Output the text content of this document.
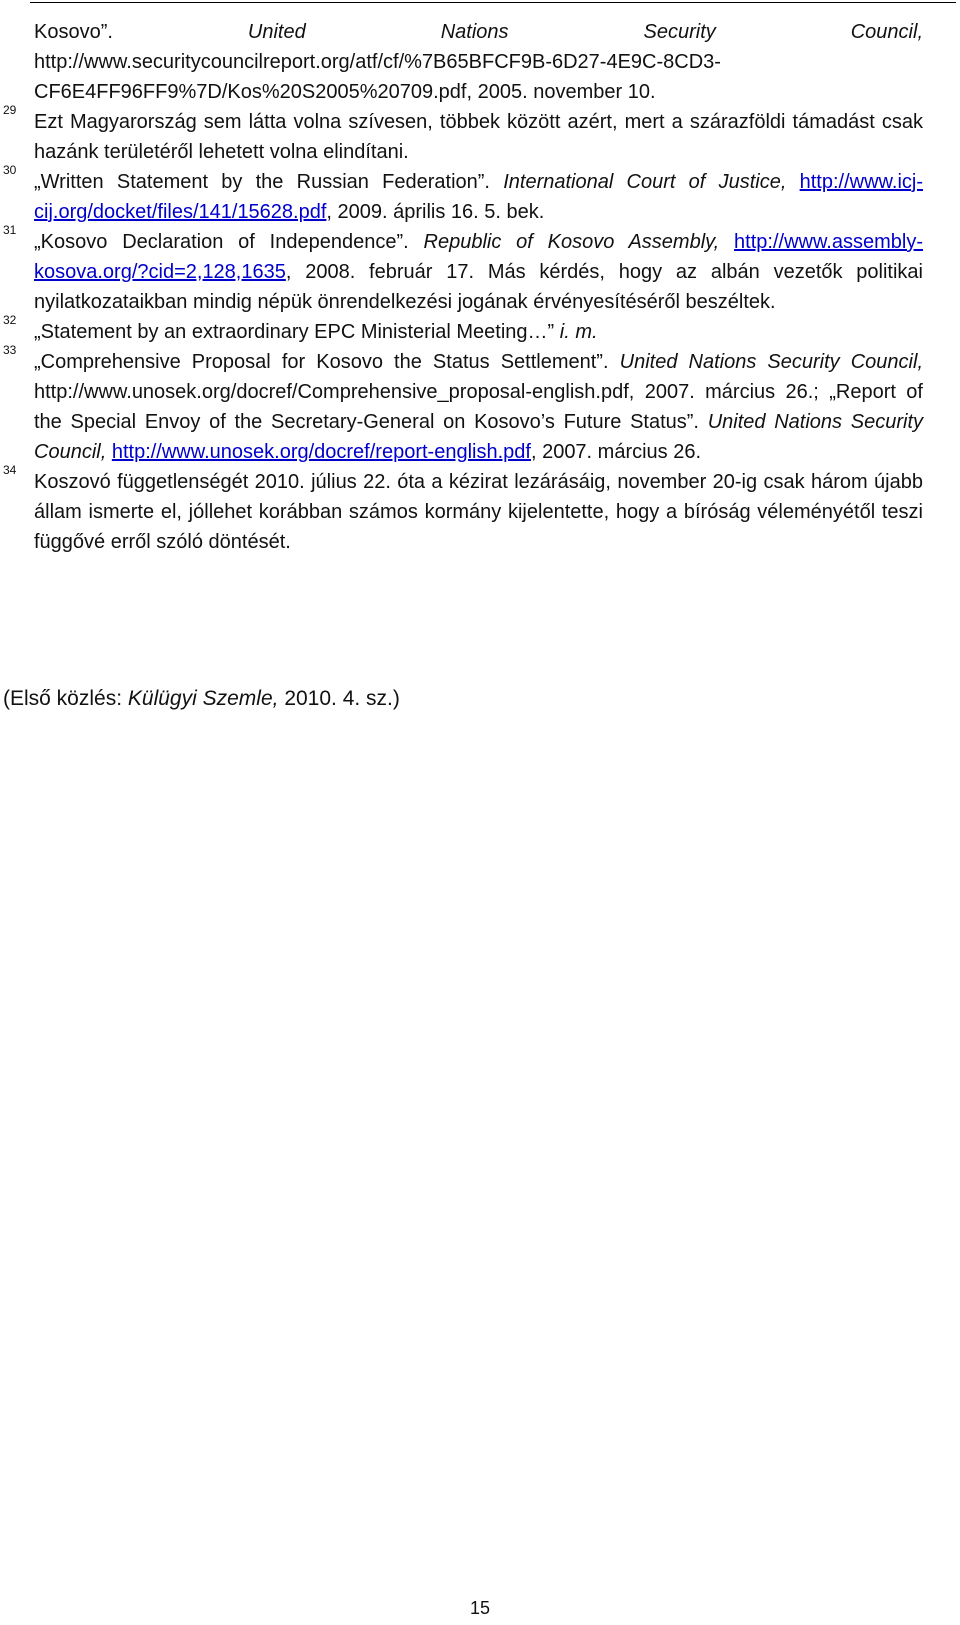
Kosovo”.	United Nations Security Council, http://www.securitycouncilreport.org/atf/cf/%7B65BFCF9B-6D27-4E9C-8CD3- CF6E4FF96FF9%7D/Kos%20S2005%20709.pdf, 2005. november 10.

29

Ezt Magyarország sem látta volna szívesen, többek között azért, mert a szárazföldi támadást csak hazánk területéről lehetett volna elindítani.

30

„Written Statement by the Russian Federation”. International Court of Justice, http://www.icj-cij.org/docket/files/141/15628.pdf, 2009. április 16. 5. bek.

31

„Kosovo Declaration of Independence”. Republic of Kosovo Assembly, http://www.assembly-kosova.org/?cid=2,128,1635, 2008. február 17. Más kérdés, hogy az albán vezetők politikai nyilatkozataikban mindig népük önrendelkezési jogának érvényesítéséről beszéltek.

32

„Statement by an extraordinary EPC Ministerial Meeting…” i. m.

33

„Comprehensive Proposal for Kosovo the Status Settlement”. United Nations Security Council, http://www.unosek.org/docref/Comprehensive_proposal-english.pdf, 2007. március 26.; „Report of the Special Envoy of the Secretary-General on Kosovo’s Future Status”. United Nations Security Council, http://www.unosek.org/docref/report-english.pdf, 2007. március 26.

34

Koszovó függetlenségét 2010. július 22. óta a kézirat lezárásáig, november 20-ig csak három újabb állam ismerte el, jóllehet korábban számos kormány kijelentette, hogy a bíróság véleményétől teszi függővé erről szóló döntését.

(Első közlés: Külügyi Szemle, 2010. 4. sz.)
15
